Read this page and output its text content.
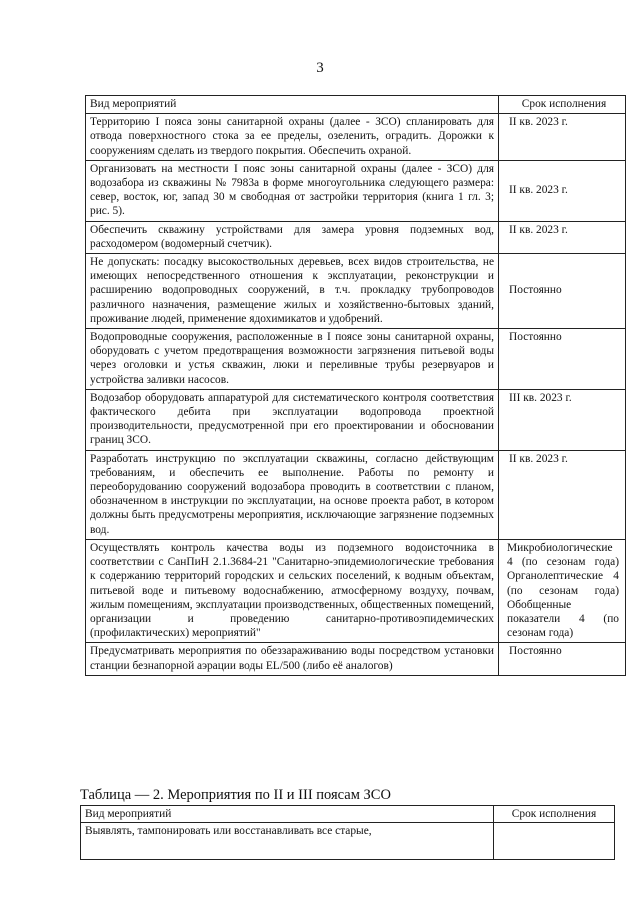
3
Вид мероприятий	Срок исполнения
Территорию I пояса зоны санитарной охраны (далее - ЗСО) спланировать для отвода поверхностного стока за ее пределы, озеленить, оградить. Дорожки к сооружениям сделать из твердого покрытия. Обеспечить охраной.	II кв. 2023 г.
Организовать на местности I пояс зоны санитарной охраны (далее - ЗСО) для водозабора из скважины № 7983а в форме многоугольника следующего размера: север, восток, юг, запад 30 м свободная от застройки территория (книга 1 гл. 3; рис. 5).	II кв. 2023 г.
Обеспечить скважину устройствами для замера уровня подземных вод, расходомером (водомерный счетчик).	II кв. 2023 г.
Не допускать: посадку высокоствольных деревьев, всех видов строительства, не имеющих непосредственного отношения к эксплуатации, реконструкции и расширению водопроводных сооружений, в т.ч. прокладку трубопроводов различного назначения, размещение жилых и хозяйственно-бытовых зданий, проживание людей, применение ядохимикатов и удобрений.	Постоянно
Водопроводные сооружения, расположенные в I поясе зоны санитарной охраны, оборудовать с учетом предотвращения возможности загрязнения питьевой воды через оголовки и устья скважин, люки и переливные трубы резервуаров и устройства заливки насосов.	Постоянно
Водозабор оборудовать аппаратурой для систематического контроля соответствия фактического дебита при эксплуатации водопровода проектной производительности, предусмотренной при его проектировании и обосновании границ ЗСО.	III кв. 2023 г.
Разработать инструкцию по эксплуатации скважины, согласно действующим требованиям, и обеспечить ее выполнение. Работы по ремонту и переоборудованию сооружений водозабора проводить в соответствии с планом, обозначенном в инструкции по эксплуатации, на основе проекта работ, в котором должны быть предусмотрены мероприятия, исключающие загрязнение подземных вод.	II кв. 2023 г.
Осуществлять контроль качества воды из подземного водоисточника в соответствии с СанПиН 2.1.3684-21 "Санитарно-эпидемиологические требования к содержанию территорий городских и сельских поселений, к водным объектам, питьевой воде и питьевому водоснабжению, атмосферному воздуху, почвам, жилым помещениям, эксплуатации производственных, общественных помещений, организации и проведению санитарно-противоэпидемических (профилактических) мероприятий"	Микробиологические 4 (по сезонам года) Органолептические 4 (по сезонам года) Обобщенные показатели 4 (по сезонам года)
Предусматривать мероприятия по обеззараживанию воды посредством установки станции безнапорной аэрации воды EL/500 (либо её аналогов)	Постоянно
Таблица — 2. Мероприятия по II и III поясам ЗСО
Вид мероприятий	Срок исполнения
Выявлять, тампонировать или восстанавливать все старые,	
